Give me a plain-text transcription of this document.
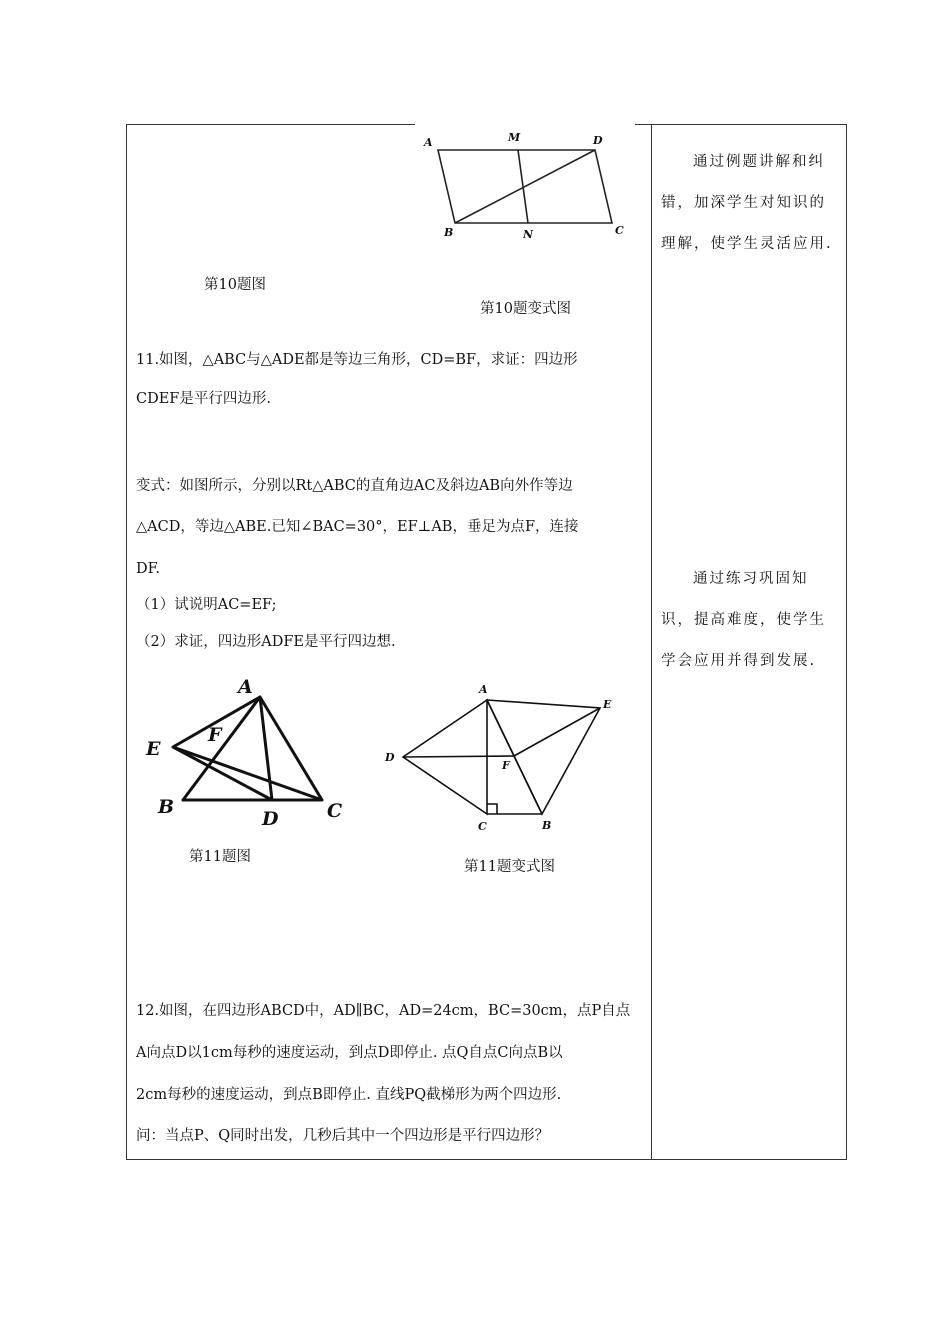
A	M	D
B	N	C
第10题图
第10题变式图
11.如图，△ABC与△ADE都是等边三角形，CD=BF，求证：四边形
CDEF是平行四边形.
变式：如图所示，分别以Rt△ABC的直角边AC及斜边AB向外作等边
△ACD，等边△ABE.已知∠BAC=30°，EF⊥AB，垂足为点F，连接
DF.
（1）试说明AC=EF;
（2）求证，四边形ADFE是平行四边想.
A
F
E
B
D	C
A
E
D
F
C	B
第11题图
第11题变式图
12.如图，在四边形ABCD中，AD∥BC，AD=24cm，BC=30cm，点P自点
A向点D以1cm每秒的速度运动，到点D即停止. 点Q自点C向点B以
2cm每秒的速度运动，到点B即停止. 直线PQ截梯形为两个四边形.
问：当点P、Q同时出发，几秒后其中一个四边形是平行四边形？
通过例题讲解和纠错，加深学生对知识的理解，使学生灵活应用.
通过练习巩固知识，提高难度，使学生学会应用并得到发展.
